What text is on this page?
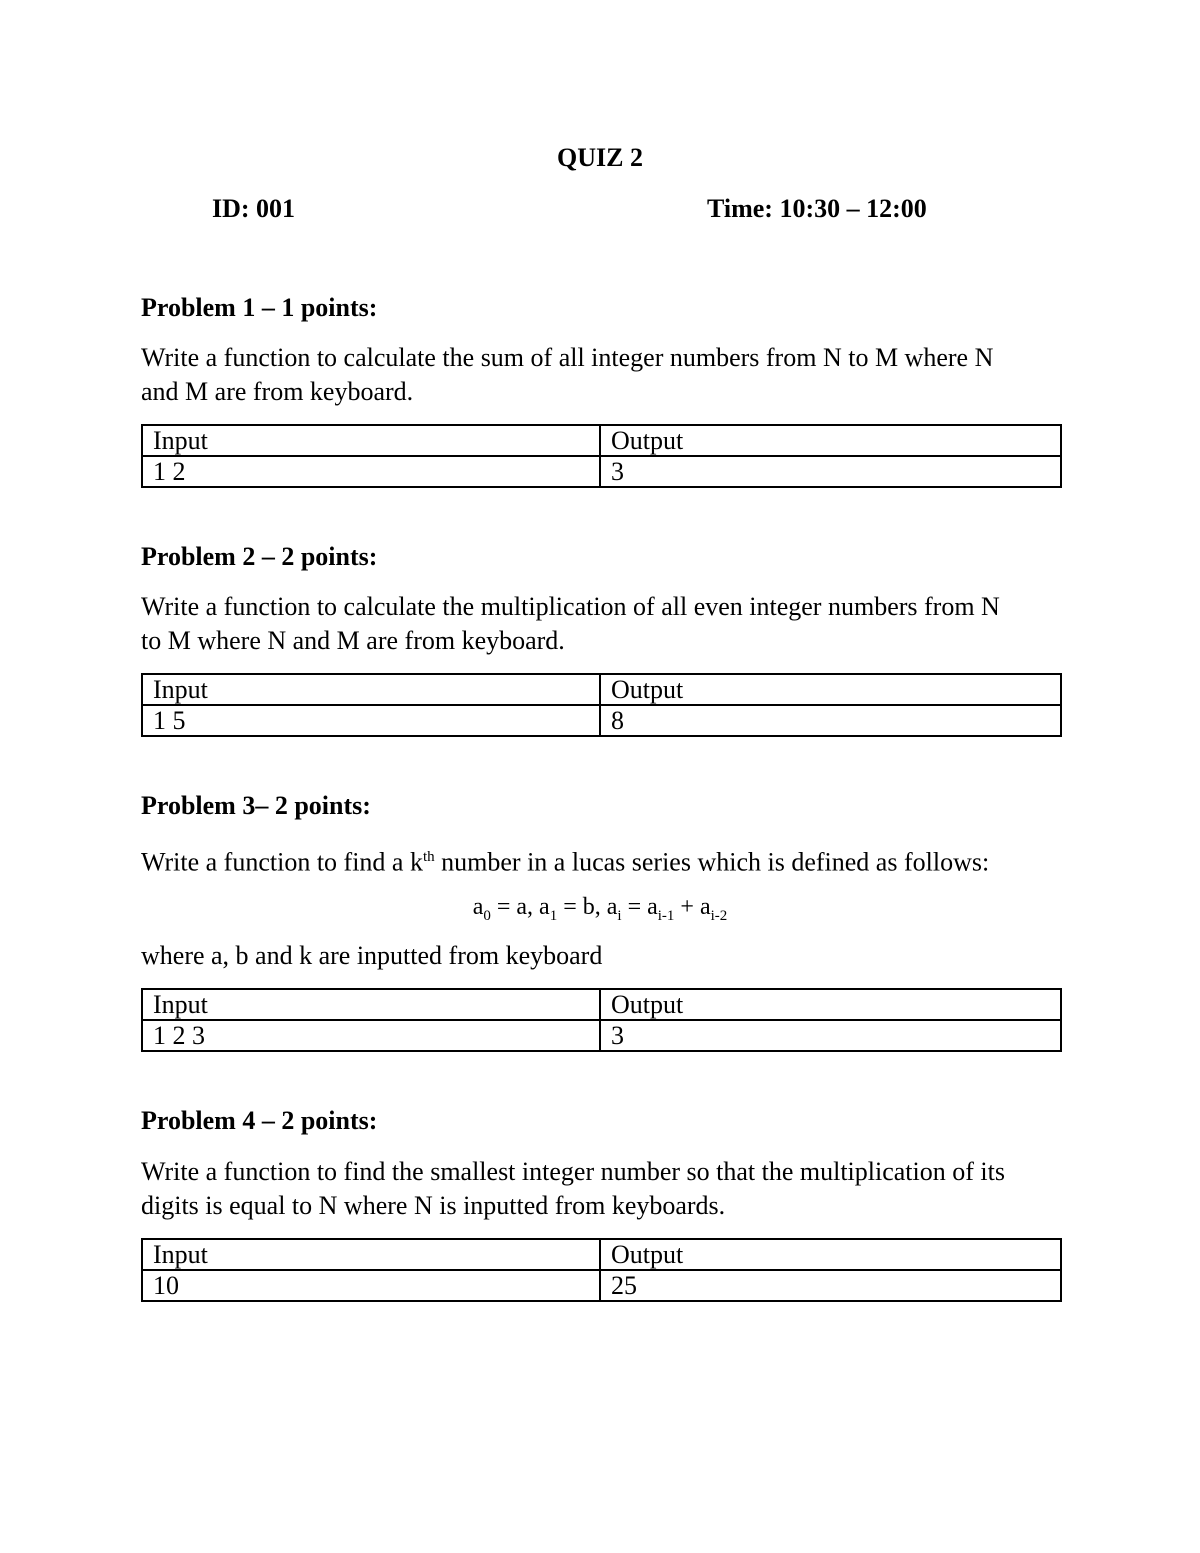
QUIZ 2
ID: 001	Time: 10:30 – 12:00
Problem 1 – 1 points:
Write a function to calculate the sum of all integer numbers from N to M where N
and M are from keyboard.
Input	Output
1 2	3
Problem 2 – 2 points:
Write a function to calculate the multiplication of all even integer numbers from N
to M where N and M are from keyboard.
Input	Output
1 5	8
Problem 3– 2 points:
Write a function to find a $k^{th}$ number in a lucas series which is defined as follows:
$a_0 = a$, $a_1 = b$, $a_i = a_{i-1} + a_{i-2}$
where a, b and k are inputted from keyboard
Input	Output
1 2 3	3
Problem 4 – 2 points:
Write a function to find the smallest integer number so that the multiplication of its
digits is equal to N where N is inputted from keyboards.
Input	Output
10	25
